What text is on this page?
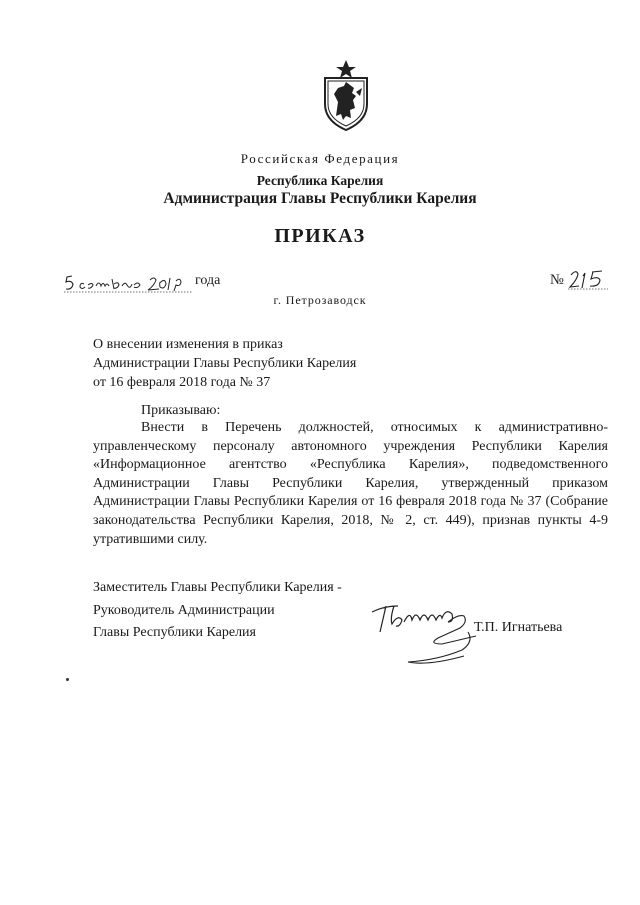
Российская Федерация
Республика Карелия
Администрация Главы Республики Карелия
ПРИКАЗ
года	№
г. Петрозаводск
О внесении изменения в приказ
Администрации Главы Республики Карелия
от 16 февраля 2018 года № 37
Приказываю:
Внести в Перечень должностей, относимых к административно-управленческому персоналу автономного учреждения Республики Карелия «Информационное агентство «Республика Карелия», подведомственного Администрации Главы Республики Карелия, утвержденный приказом Администрации Главы Республики Карелия от 16 февраля 2018 года № 37 (Собрание законодательства Республики Карелия, 2018, № 2, ст. 449), признав пункты 4-9 утратившими силу.
Заместитель Главы Республики Карелия -
Руководитель Администрации
Главы Республики Карелия	Т.П. Игнатьева
